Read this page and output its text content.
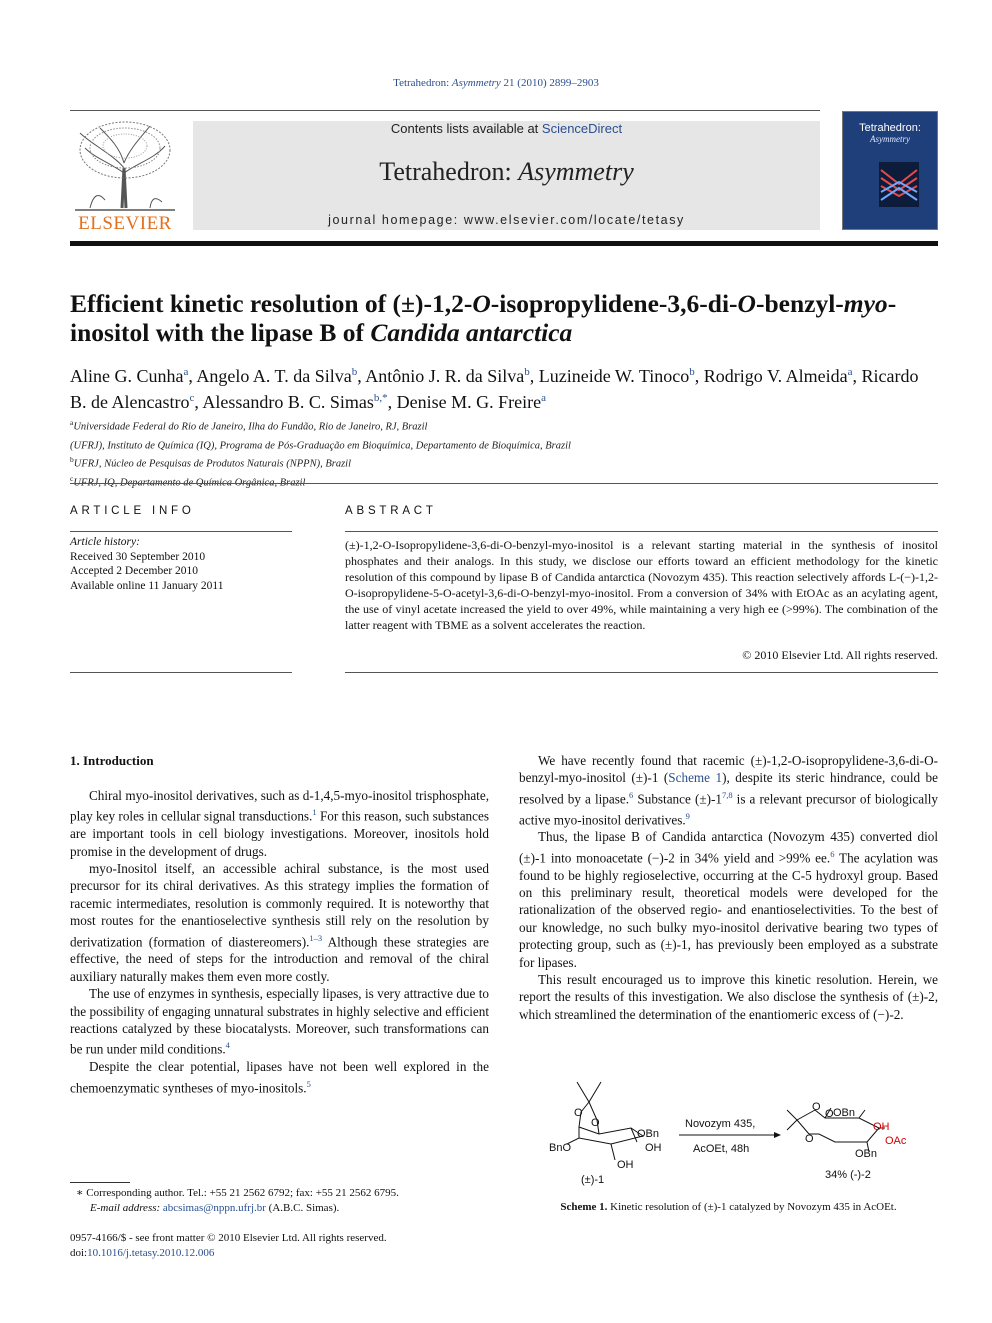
Tetrahedron: Asymmetry 21 (2010) 2899–2903
ELSEVIER
Contents lists available at ScienceDirect
Tetrahedron: Asymmetry
journal homepage: www.elsevier.com/locate/tetasy
Tetrahedron:
Asymmetry
Efficient kinetic resolution of (±)-1,2-O-isopropylidene-3,6-di-O-benzyl-myo-inositol with the lipase B of Candida antarctica
Aline G. Cunha$^a$, Angelo A. T. da Silva$^b$, Antônio J. R. da Silva$^b$, Luzineide W. Tinoco$^b$, Rodrigo V. Almeida$^a$, Ricardo B. de Alencastro$^c$, Alessandro B. C. Simas$^{b,*}$, Denise M. G. Freire$^a$
$^a$Universidade Federal do Rio de Janeiro, Ilha do Fundão, Rio de Janeiro, RJ, Brazil
(UFRJ), Instituto de Química (IQ), Programa de Pós-Graduação em Bioquímica, Departamento de Bioquímica, Brazil
$^b$UFRJ, Núcleo de Pesquisas de Produtos Naturais (NPPN), Brazil
$^c$
ARTICLE INFO
Article history:
Received 30 September 2010
Accepted 2 December 2010
Available online 11 January 2011
ABSTRACT
(±)-1,2-O-Isopropylidene-3,6-di-O-benzyl-myo-inositol is a relevant starting material in the synthesis of inositol phosphates and their analogs. In this study, we disclose our efforts toward an efficient methodology for the kinetic resolution of this compound by lipase B of Candida antarctica (Novozym 435). This reaction selectively affords L-(−)-1,2-O-isopropylidene-5-O-acetyl-3,6-di-O-benzyl-myo-inositol. From a conversion of 34% with EtOAc as an acylating agent, the use of vinyl acetate increased the yield to over 49%, while maintaining a very high ee (>99%). The combination of the latter reagent with TBME as a solvent accelerates the reaction.
© 2010 Elsevier Ltd. All rights reserved.
1. Introduction

Chiral myo-inositol derivatives, such as d-1,4,5-myo-inositol trisphosphate, play key roles in cellular signal transductions.$^1$ For this reason, such substances are important tools in cell biology investigations. Moreover, inositols hold promise in the development of drugs.

myo-Inositol itself, an accessible achiral substance, is the most used precursor for its chiral derivatives. As this strategy implies the formation of racemic intermediates, resolution is commonly required. It is noteworthy that most routes for the enantioselective synthesis still rely on the resolution by derivatization (formation of diastereomers).$^{1-3}$ Although these strategies are effective, the need of steps for the introduction and removal of the chiral auxiliary naturally makes them even more costly.

The use of enzymes in synthesis, especially lipases, is very attractive due to the possibility of engaging unnatural substrates in highly selective and efficient reactions catalyzed by these biocatalysts. Moreover, such transformations can be run under mild conditions.$^4$

Despite the clear potential, lipases have not been well explored in the chemoenzymatic syntheses of myo-inositols.$^5$

We have recently found that racemic (±)-1,2-O-isopropylidene-3,6-di-O-benzyl-myo-inositol (±)-1 (Scheme 1), despite its steric hindrance, could be resolved by a lipase.$^6$ Substance $(\pm)-1^{7,8}$ is a relevant precursor of biologically active myo-inositol derivatives.$^9$

Thus, the lipase B of Candida antarctica (Novozym 435) converted diol (±)-1 into monoacetate (−)-2 in 34% yield and >99% ee.$^6$ The acylation was found to be highly regioselective, occurring at the C-5 hydroxyl group. Based on this preliminary result, theoretical models were developed for the rationalization of the observed regio- and enantioselectivities. To the best of our knowledge, no such bulky myo-inositol derivative bearing two types of protecting group, such as (±)-1, has previously been employed as a substrate for lipases.

This result encouraged us to improve this kinetic resolution. Herein, we report the results of this investigation. We also disclose the synthesis of (±)-2, which streamlined the determination of the enantiomeric excess of (−)-2.

O
O
OBn
OH
BnO
OH
(±)-1
Novozym 435,
AcOEt, 48h
O
O
O OBn
OH
OAc
OBn
34% (-)-2
Scheme 1. Kinetic resolution of (±)-1 catalyzed by Novozym 435 in AcOEt.
∗ Corresponding author. Tel.: +55 21 2562 6792; fax: +55 21 2562 6795.
E-mail address: abcsimas@nppn.ufrj.br (A.B.C. Simas).
0957-4166/$ - see front matter © 2010 Elsevier Ltd. All rights reserved.
doi:10.1016/j.tetasy.2010.12.006
